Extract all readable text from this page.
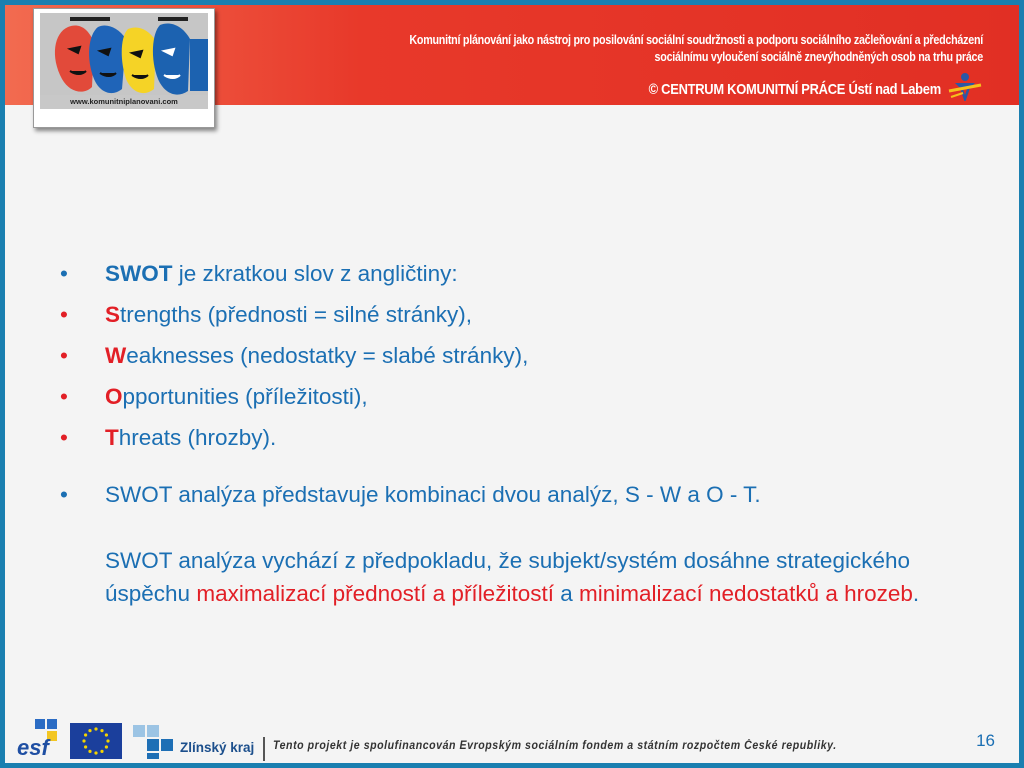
Komunitní plánování jako nástroj pro posilování sociální soudržnosti a podporu sociálního začleňování a předcházení
sociálnímu vyloučení sociálně znevýhodněných osob na trhu práce
© CENTRUM KOMUNITNÍ PRÁCE Ústí nad Labem
www.komunitniplanovani.com
• SWOT je zkratkou slov z angličtiny:
• Strengths (přednosti = silné stránky),
• Weaknesses (nedostatky = slabé stránky),
• Opportunities (příležitosti),
• Threats (hrozby).
• SWOT analýza představuje kombinaci dvou analýz, S - W a O - T.
SWOT analýza vychází z předpokladu, že subjekt/systém dosáhne strategického úspěchu maximalizací předností a příležitostí a minimalizací nedostatků a hrozeb.
esf	Zlínský kraj Tento projekt je spolufinancován Evropským sociálním fondem a státním rozpočtem České republiky.	16
